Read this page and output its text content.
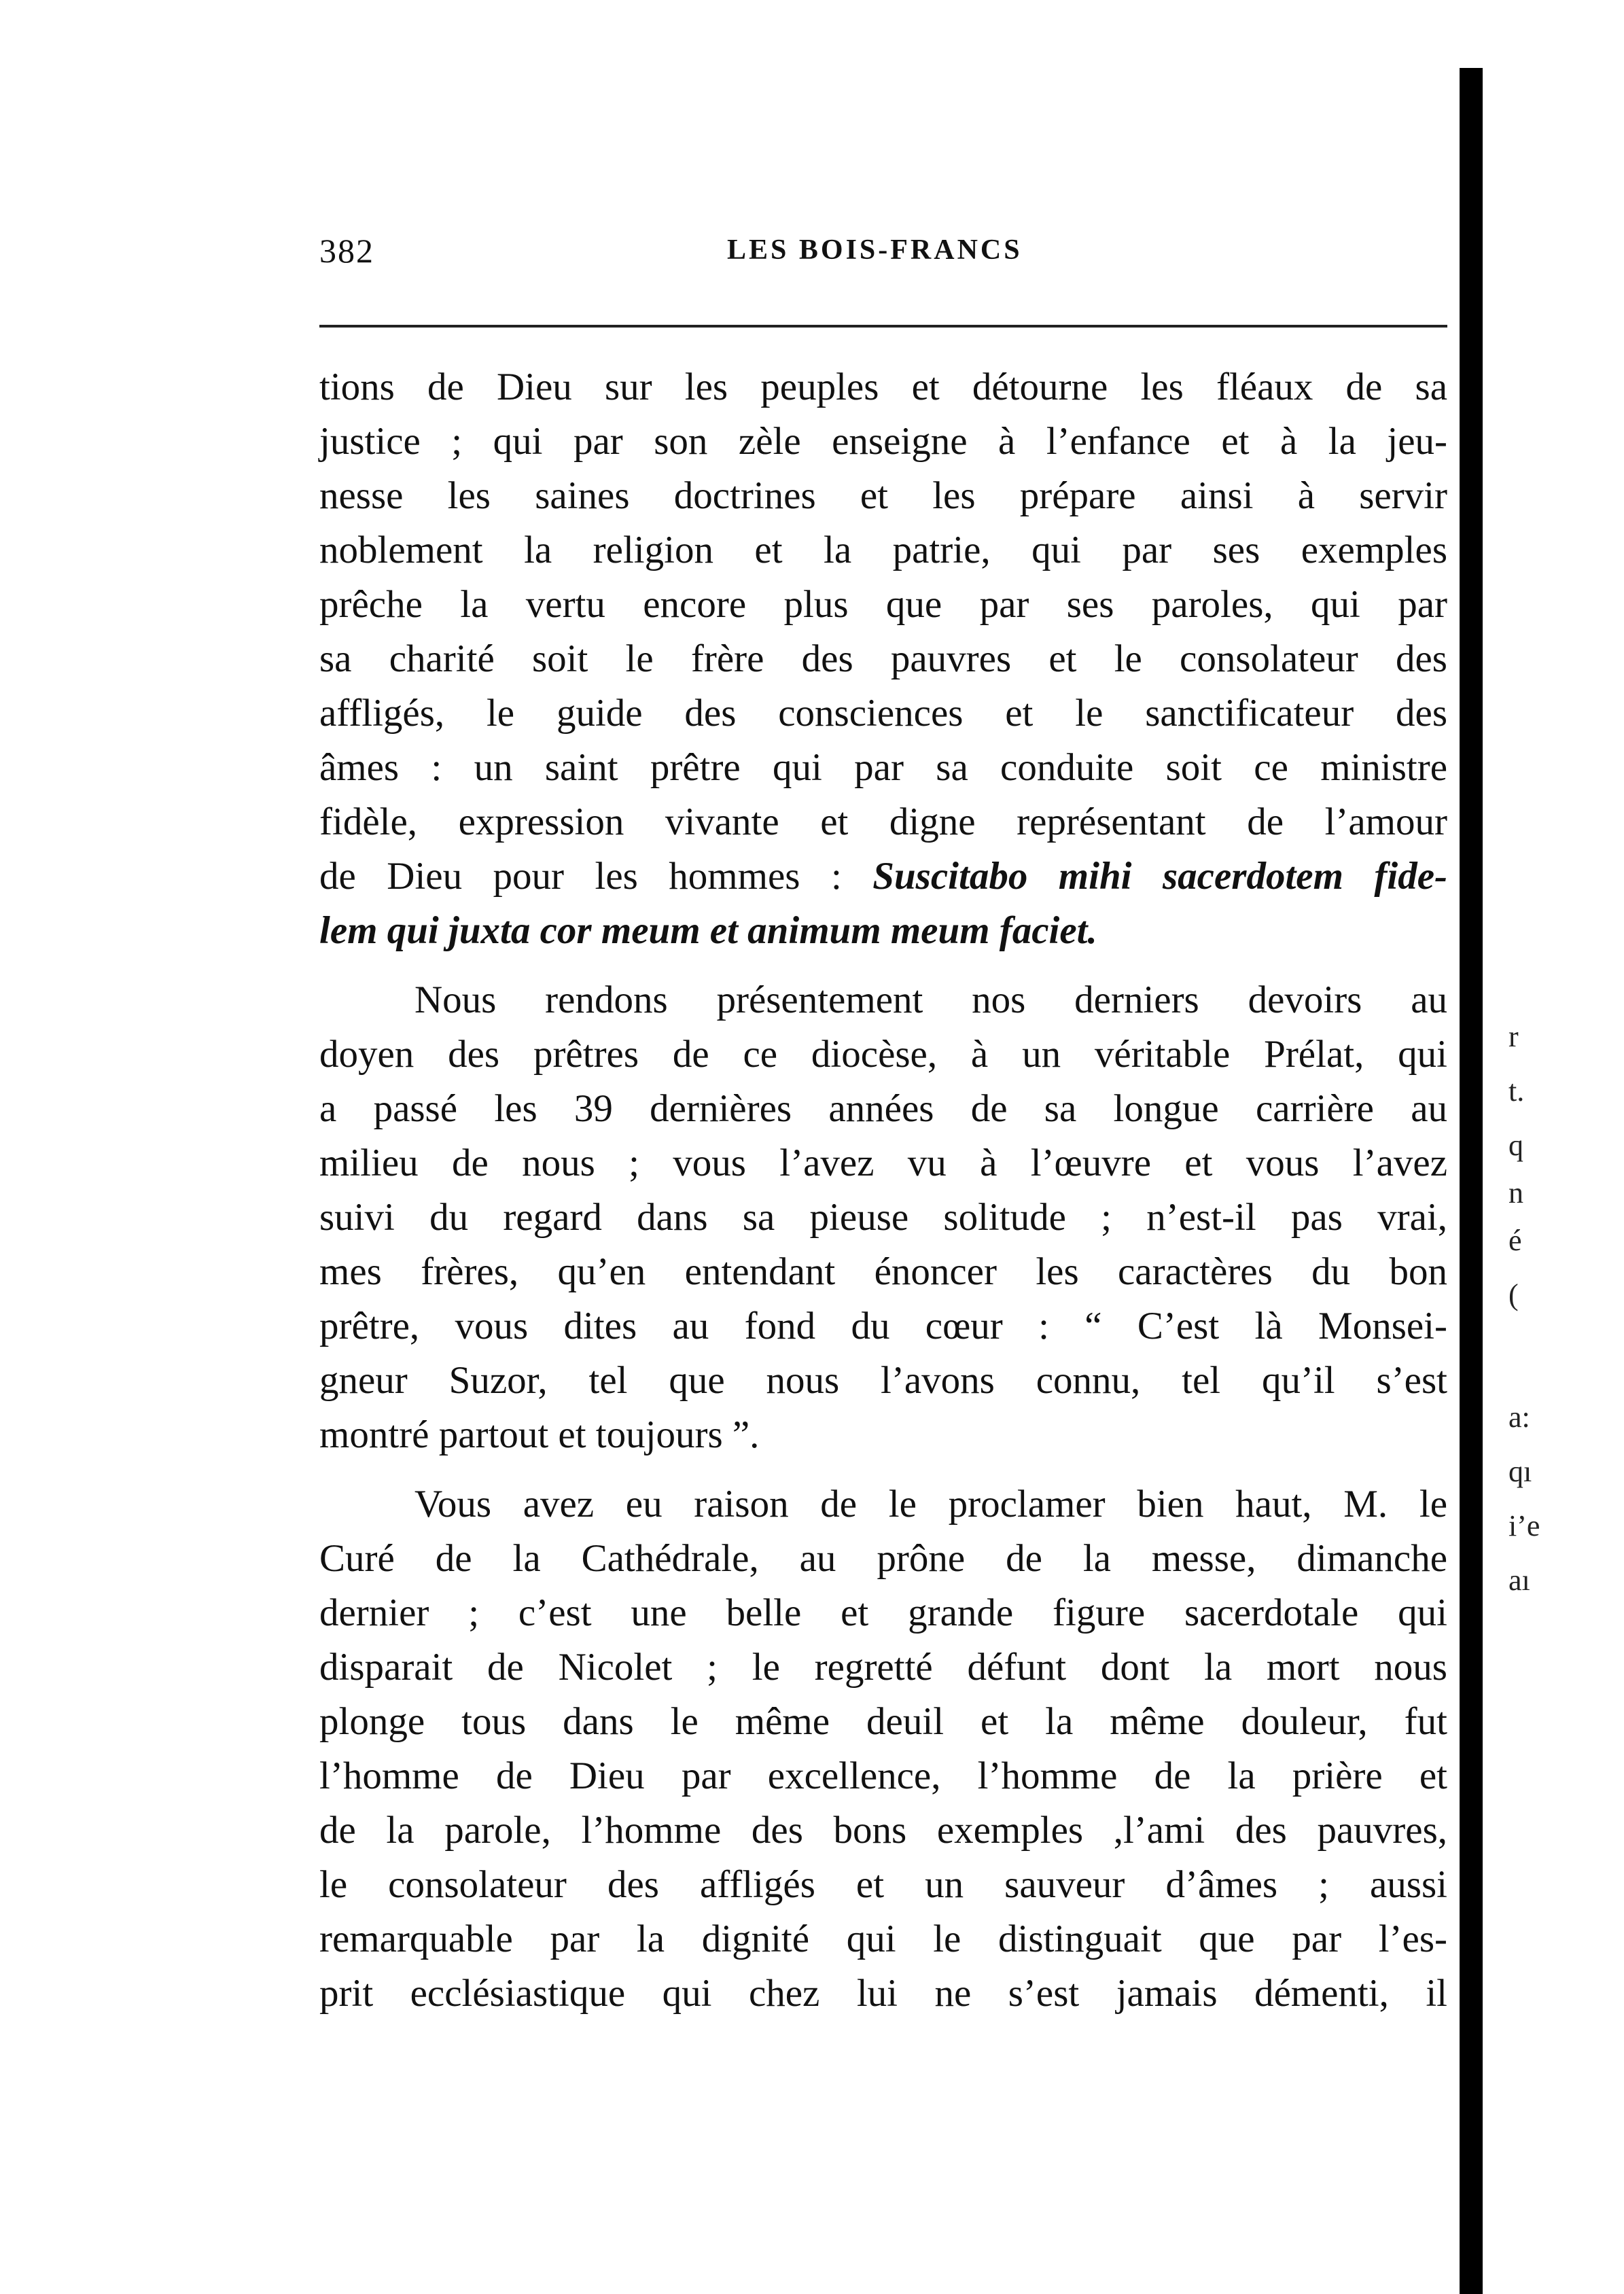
382	LES BOIS-FRANCS
tions de Dieu sur les peuples et détourne les fléaux de sa
justice ; qui par son zèle enseigne à l’enfance et à la jeu-
nesse les saines doctrines et les prépare ainsi à servir
noblement la religion et la patrie, qui par ses exemples
prêche la vertu encore plus que par ses paroles, qui par
sa charité soit le frère des pauvres et le consolateur des
affligés, le guide des consciences et le sanctificateur des
âmes : un saint prêtre qui par sa conduite soit ce ministre
fidèle, expression vivante et digne représentant de l’amour
de Dieu pour les hommes : Suscitabo mihi sacerdotem fide-
lem qui juxta cor meum et animum meum faciet.
Nous rendons présentement nos derniers devoirs au
doyen des prêtres de ce diocèse, à un véritable Prélat, qui
a passé les 39 dernières années de sa longue carrière au
milieu de nous ; vous l’avez vu à l’œuvre et vous l’avez
suivi du regard dans sa pieuse solitude ; n’est-il pas vrai,
mes frères, qu’en entendant énoncer les caractères du bon
prêtre, vous dites au fond du cœur : “ C’est là Monsei-
gneur Suzor, tel que nous l’avons connu, tel qu’il s’est
montré partout et toujours ”.
Vous avez eu raison de le proclamer bien haut, M. le
Curé de la Cathédrale, au prône de la messe, dimanche
dernier ; c’est une belle et grande figure sacerdotale qui
disparait de Nicolet ; le regretté défunt dont la mort nous
plonge tous dans le même deuil et la même douleur, fut
l’homme de Dieu par excellence, l’homme de la prière et
de la parole, l’homme des bons exemples ,l’ami des pauvres,
le consolateur des affligés et un sauveur d’âmes ; aussi
remarquable par la dignité qui le distinguait que par l’es-
prit ecclésiastique qui chez lui ne s’est jamais démenti, il
r
t.
q
n
é
(
a:
qı
i’e
aı
